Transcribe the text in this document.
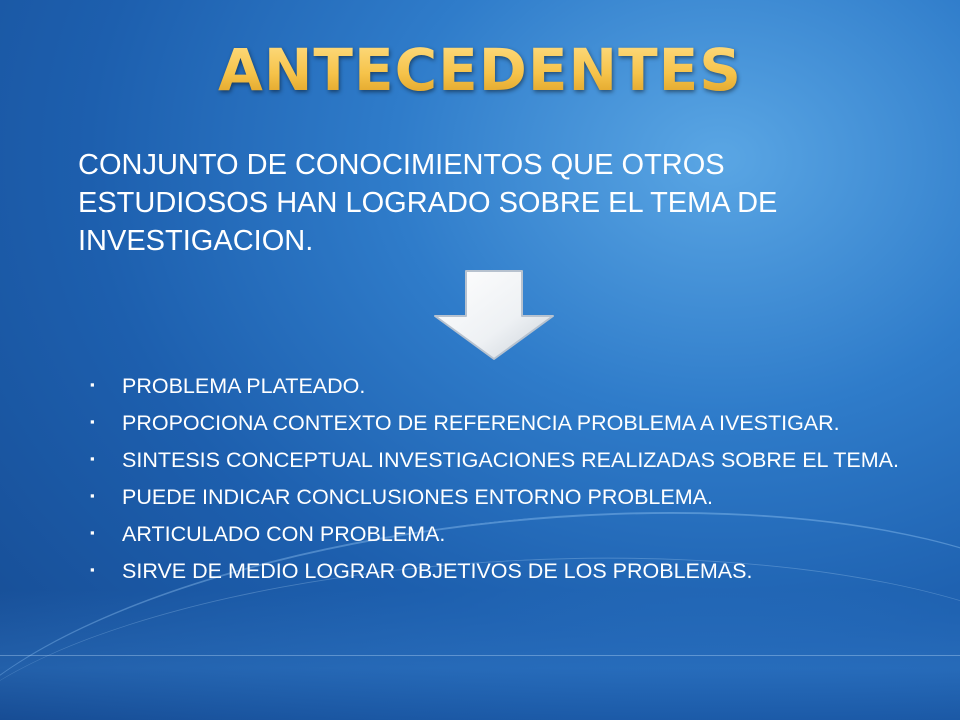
ANTECEDENTES

CONJUNTO DE CONOCIMIENTOS QUE OTROS ESTUDIOSOS HAN LOGRADO SOBRE EL TEMA DE INVESTIGACION.

▪	PROBLEMA PLATEADO.
▪	PROPOCIONA CONTEXTO DE REFERENCIA PROBLEMA A IVESTIGAR.
▪	SINTESIS CONCEPTUAL INVESTIGACIONES REALIZADAS SOBRE EL TEMA.
▪	PUEDE INDICAR CONCLUSIONES ENTORNO PROBLEMA.
▪	ARTICULADO CON PROBLEMA.
▪	SIRVE DE MEDIO LOGRAR OBJETIVOS DE LOS PROBLEMAS.
